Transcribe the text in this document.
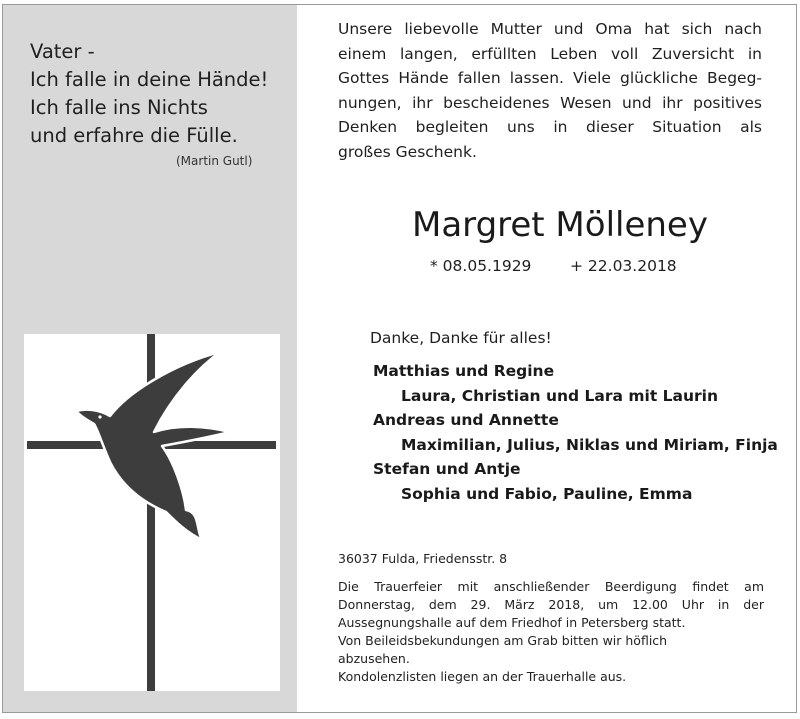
Vater -
Ich falle in deine Hände!
Ich falle ins Nichts
und erfahre die Fülle.
(Martin Gutl)
Unsere liebevolle Mutter und Oma hat sich nach
einem langen, erfüllten Leben voll Zuversicht in
Gottes Hände fallen lassen. Viele glückliche Begeg-
nungen, ihr bescheidenes Wesen und ihr positives
Denken begleiten uns in dieser Situation als
großes Geschenk.
Margret Mölleney
* 08.05.1929 + 22.03.2018
Danke, Danke für alles!
Matthias und Regine
Laura, Christian und Lara mit Laurin
Andreas und Annette
Maximilian, Julius, Niklas und Miriam, Finja
Stefan und Antje
Sophia und Fabio, Pauline, Emma
36037 Fulda, Friedensstr. 8
Die Trauerfeier mit anschließender Beerdigung findet am
Donnerstag, dem 29. März 2018, um 12.00 Uhr in der
Aussegnungshalle auf dem Friedhof in Petersberg statt.
Von Beileidsbekundungen am Grab bitten wir höflich
abzusehen.
Kondolenzlisten liegen an der Trauerhalle aus.
